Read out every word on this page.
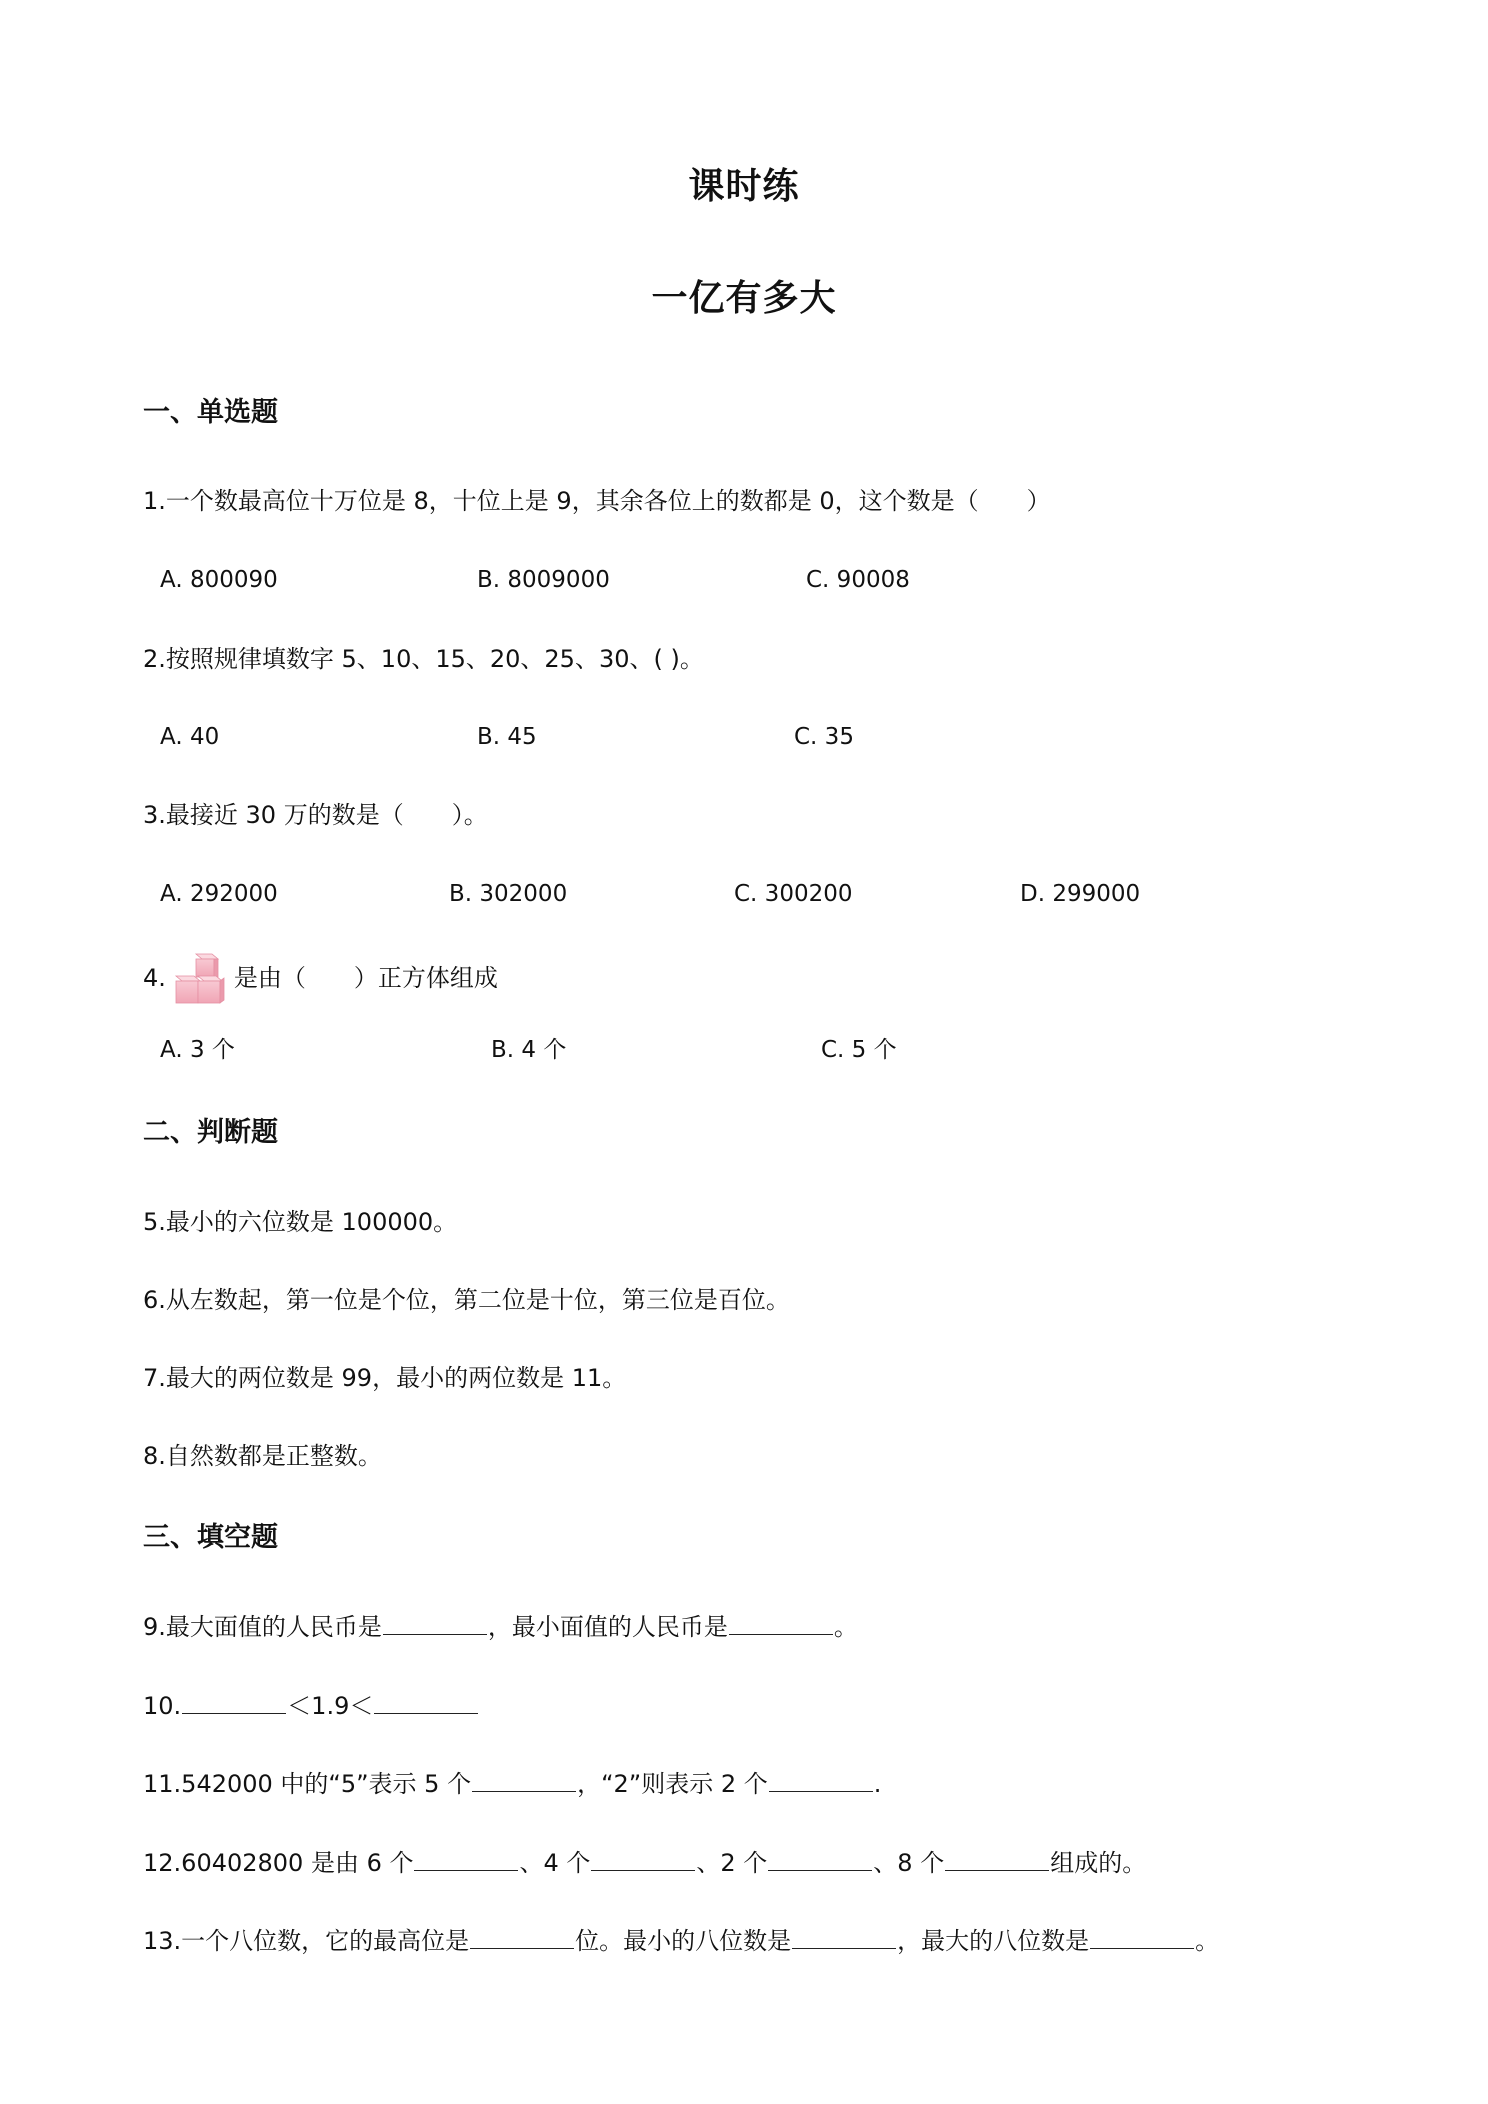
课时练
一亿有多大
一、单选题
1.一个数最高位十万位是 8，十位上是 9，其余各位上的数都是 0，这个数是（　　）
A. 800090	B. 8009000	C. 90008
2.按照规律填数字 5、10、15、20、25、30、( )。
A. 40	B. 45	C. 35
3.最接近 30 万的数是（　　）。
A. 292000	B. 302000	C. 300200	D. 299000
4.	是由（　　）正方体组成
A. 3 个	B. 4 个	C. 5 个
二、判断题
5.最小的六位数是 100000。
6.从左数起，第一位是个位，第二位是十位，第三位是百位。
7.最大的两位数是 99，最小的两位数是 11。
8.自然数都是正整数。
三、填空题
9.最大面值的人民币是	，最小面值的人民币是	。
10.	＜1.9＜
11.542000 中的“5”表示 5 个	，“2”则表示 2 个	.
12.60402800 是由 6 个	、4 个	、2 个	、8 个	组成的。
13.一个八位数，它的最高位是	位。最小的八位数是	，最大的八位数是	。
